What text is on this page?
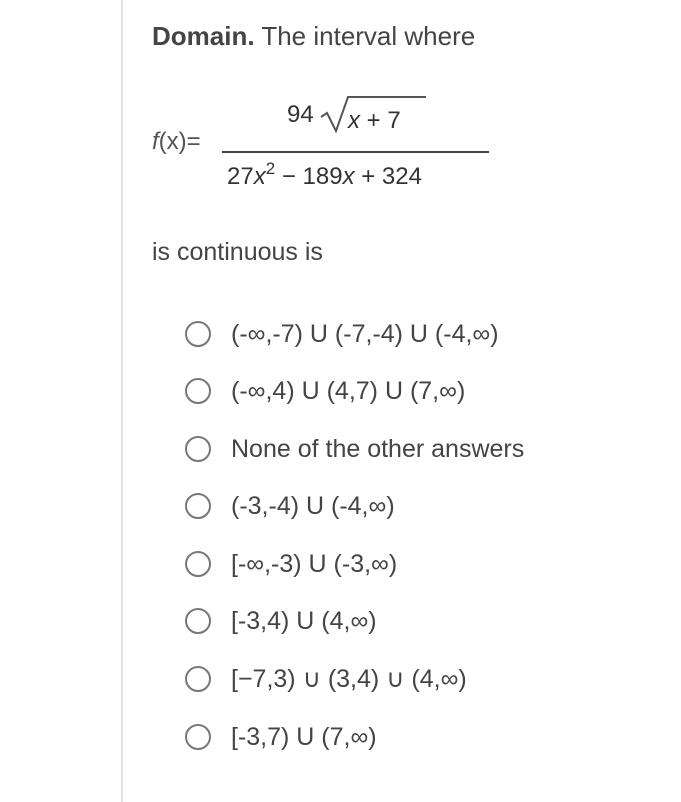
Domain. The interval where
f(x)=
94 x + 7
$27x^2 - 189x + 324$
is continuous is
(-∞,-7) U (-7,-4) U (-4,∞)
(-∞,4) U (4,7) U (7,∞)
None of the other answers
(-3,-4) U (-4,∞)
[-∞,-3) U (-3,∞)
[-3,4) U (4,∞)
[−7,3) ∪ (3,4) ∪ (4,∞)
[-3,7) U (7,∞)
